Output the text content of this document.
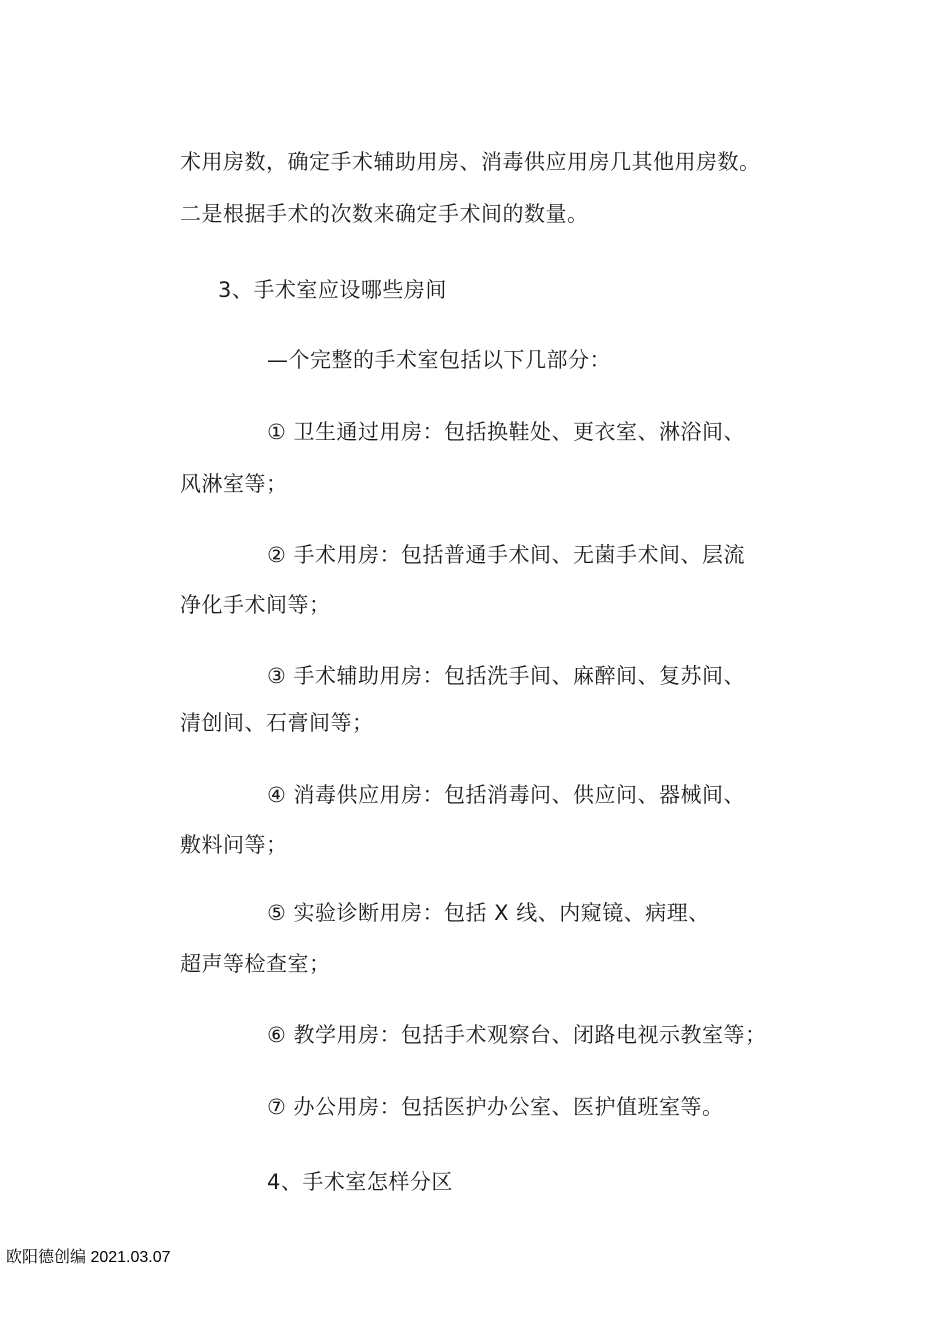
术用房数，确定手术辅助用房、消毒供应用房几其他用房数。
二是根据手术的次数来确定手术间的数量。
3、手术室应设哪些房间
—个完整的手术室包括以下几部分：
① 卫生通过用房：包括换鞋处、更衣室、淋浴间、
风淋室等；
② 手术用房：包括普通手术间、无菌手术间、层流
净化手术间等；
③ 手术辅助用房：包括洗手间、麻醉间、复苏间、
清创间、石膏间等；
④ 消毒供应用房：包括消毒问、供应问、器械间、
敷料问等；
⑤ 实验诊断用房：包括 X 线、内窥镜、病理、
超声等检查室；
⑥ 教学用房：包括手术观察台、闭路电视示教室等；
⑦ 办公用房：包括医护办公室、医护值班室等。
4、手术室怎样分区
欧阳德创编 2021.03.07
